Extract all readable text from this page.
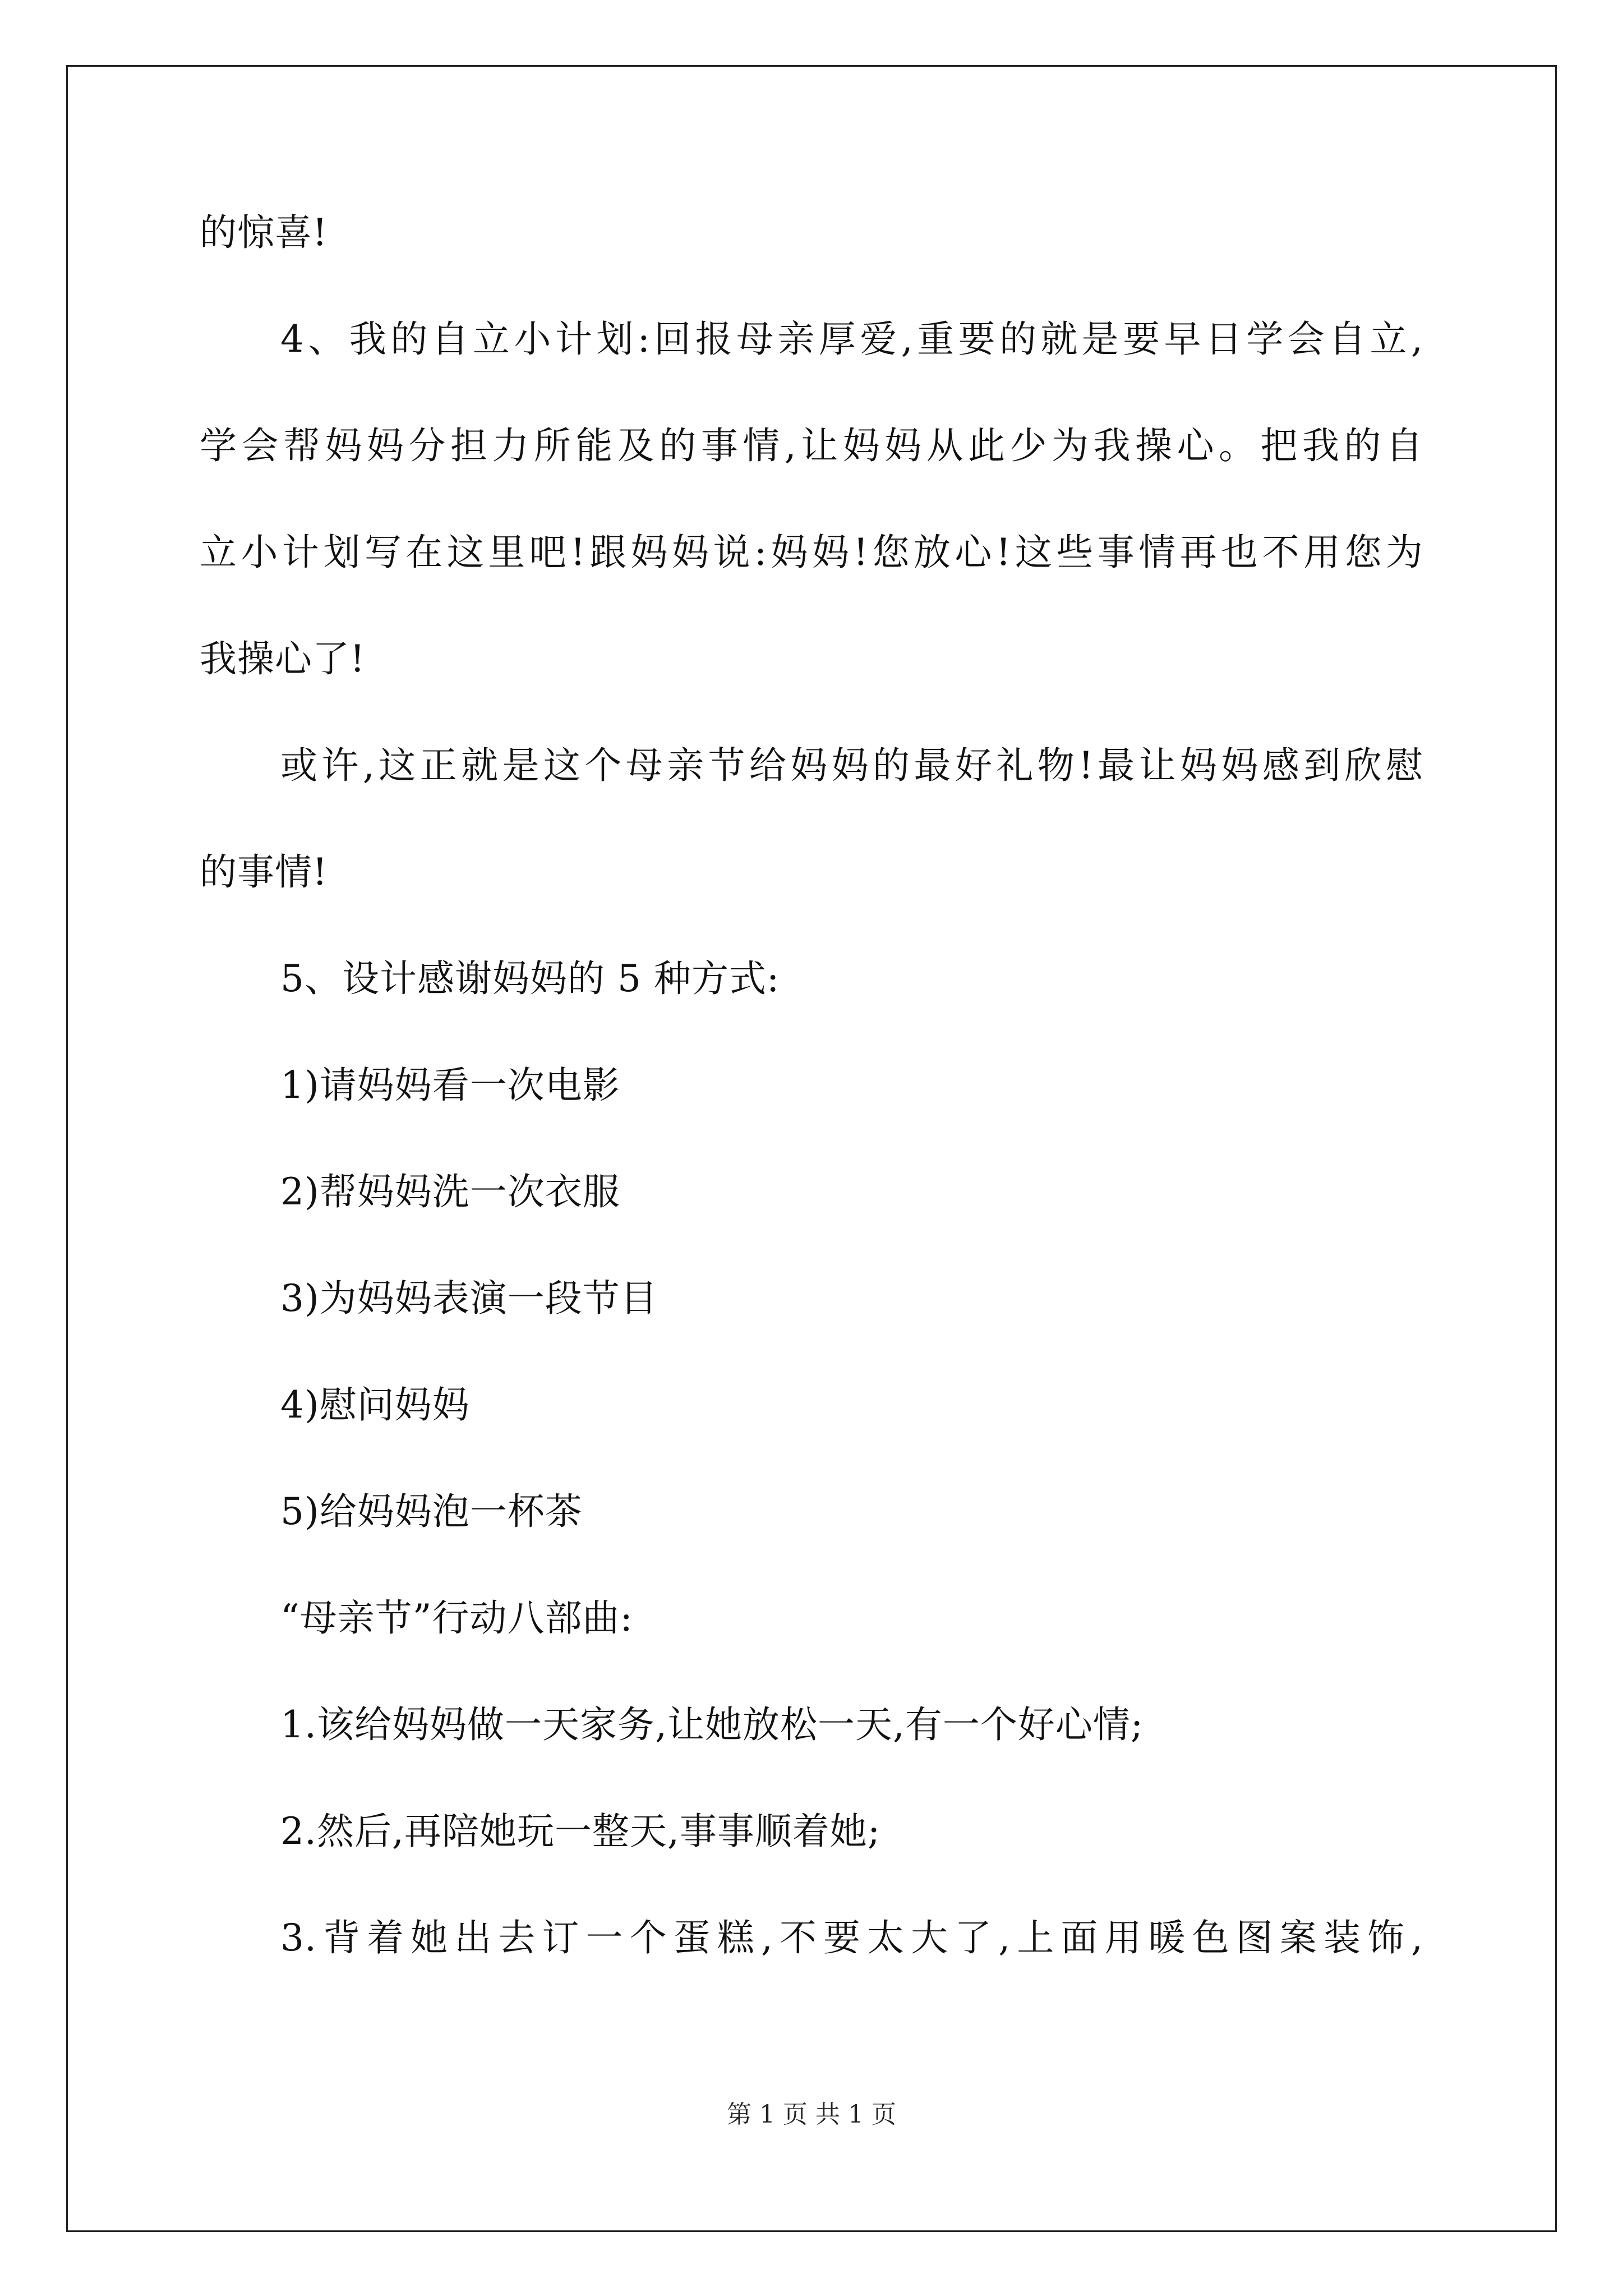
的惊喜!
4、我的自立小计划:回报母亲厚爱,重要的就是要早日学会自立,
学会帮妈妈分担力所能及的事情,让妈妈从此少为我操心。把我的自
立小计划写在这里吧!跟妈妈说:妈妈!您放心!这些事情再也不用您为
我操心了!
或许,这正就是这个母亲节给妈妈的最好礼物!最让妈妈感到欣慰
的事情!
5、设计感谢妈妈的 5 种方式:
1)请妈妈看一次电影
2)帮妈妈洗一次衣服
3)为妈妈表演一段节目
4)慰问妈妈
5)给妈妈泡一杯茶
“母亲节”行动八部曲:
1.该给妈妈做一天家务,让她放松一天,有一个好心情;
2.然后,再陪她玩一整天,事事顺着她;
3.背着她出去订一个蛋糕,不要太大了,上面用暖色图案装饰,
第 1 页 共 1 页
